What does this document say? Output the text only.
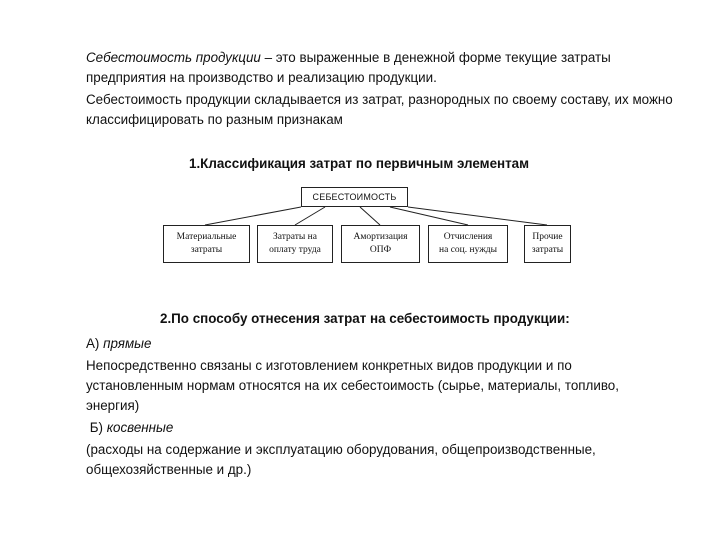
Себестоимость продукции – это выраженные в денежной форме текущие затраты предприятия на производство и реализацию продукции.
Себестоимость продукции складывается из затрат, разнородных по своему составу, их можно классифицировать по разным признакам
1.Классификация затрат по первичным элементам
СЕБЕСТОИМОСТЬ
Материальные
затраты
Затраты на
оплату труда
Амортизация
ОПФ
Отчисления
на соц. нужды
Прочие
затраты
2.По способу отнесения затрат на себестоимость продукции:
А) прямые
Непосредственно связаны с изготовлением конкретных видов продукции и по
установленным нормам относятся на их себестоимость (сырье, материалы, топливо,
энергия)
Б) косвенные
(расходы на содержание и эксплуатацию оборудования, общепроизводственные,
общехозяйственные и др.)
